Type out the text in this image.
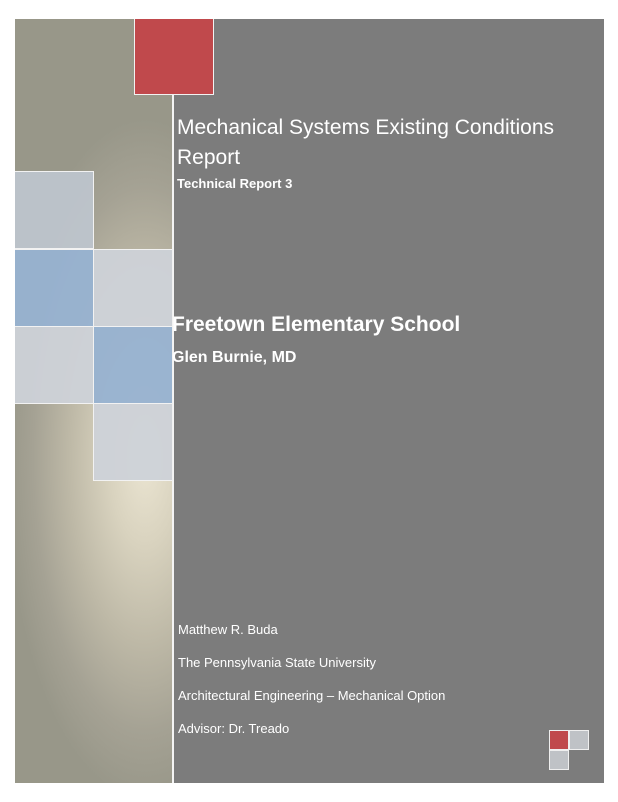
Mechanical Systems Existing Conditions Report
Technical Report 3
Freetown Elementary School
Glen Burnie, MD
Matthew R. Buda
The Pennsylvania State University
Architectural Engineering – Mechanical Option
Advisor: Dr. Treado
